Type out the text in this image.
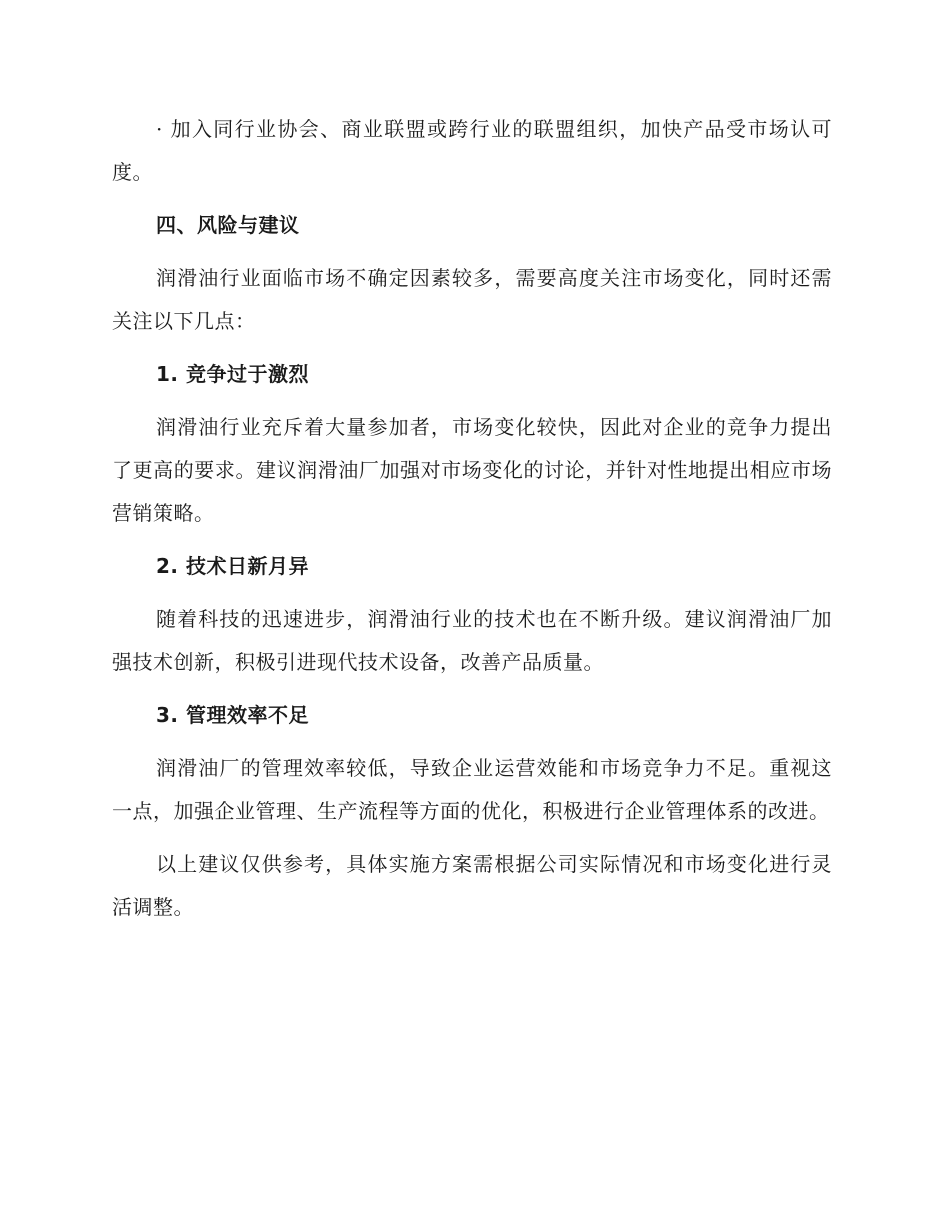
· 加入同行业协会、商业联盟或跨行业的联盟组织，加快产品受市场认可度。

四、风险与建议

润滑油行业面临市场不确定因素较多，需要高度关注市场变化，同时还需关注以下几点：

1. 竞争过于激烈

润滑油行业充斥着大量参加者，市场变化较快，因此对企业的竞争力提出了更高的要求。建议润滑油厂加强对市场变化的讨论，并针对性地提出相应市场营销策略。

2. 技术日新月异

随着科技的迅速进步，润滑油行业的技术也在不断升级。建议润滑油厂加强技术创新，积极引进现代技术设备，改善产品质量。

3. 管理效率不足

润滑油厂的管理效率较低，导致企业运营效能和市场竞争力不足。重视这一点，加强企业管理、生产流程等方面的优化，积极进行企业管理体系的改进。

以上建议仅供参考，具体实施方案需根据公司实际情况和市场变化进行灵活调整。
